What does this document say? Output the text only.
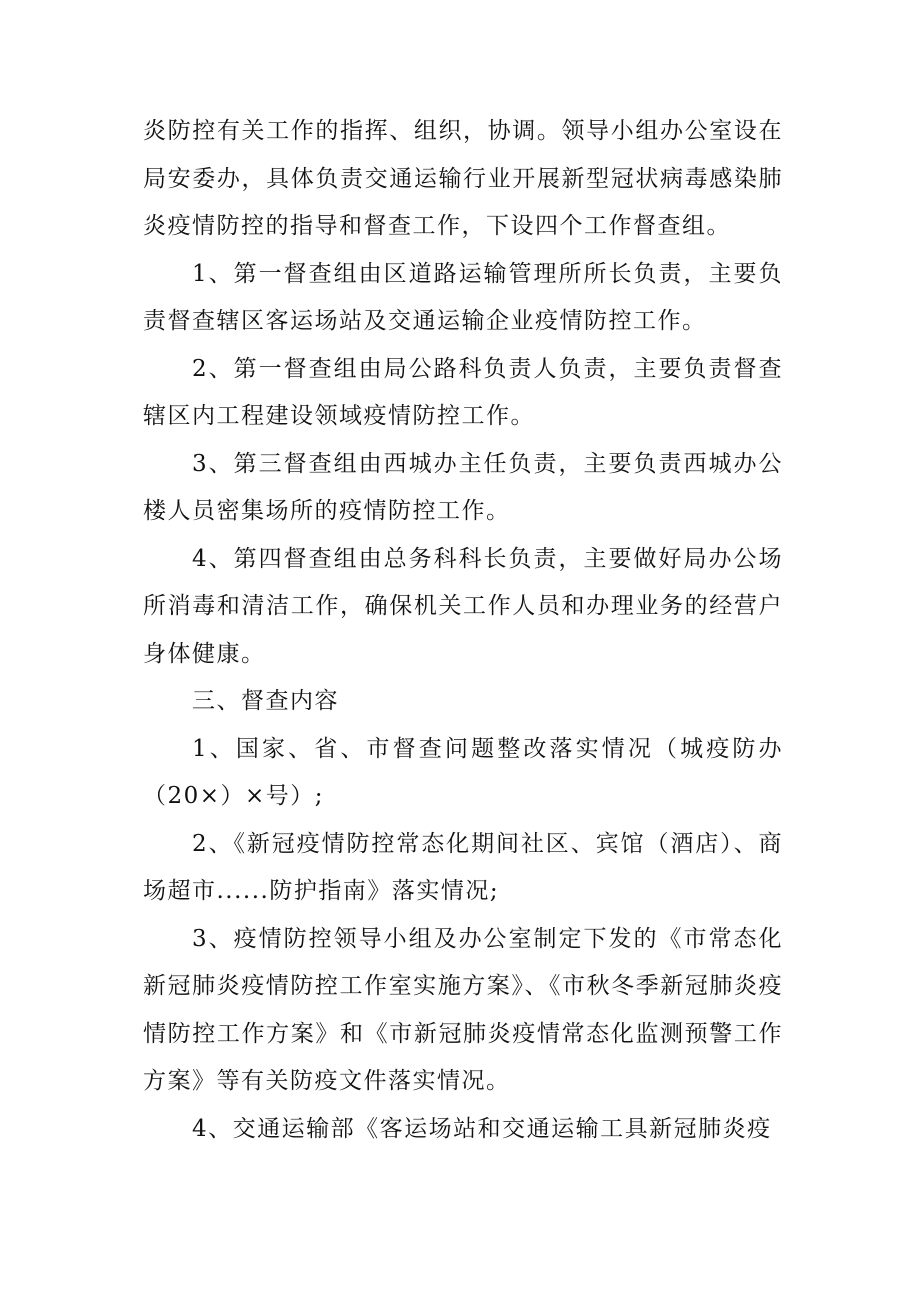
炎防控有关工作的指挥、组织，协调。领导小组办公室设在局安委办，具体负责交通运输行业开展新型冠状病毒感染肺炎疫情防控的指导和督查工作，下设四个工作督查组。

1、第一督查组由区道路运输管理所所长负责，主要负责督查辖区客运场站及交通运输企业疫情防控工作。

2、第一督查组由局公路科负责人负责，主要负责督查辖区内工程建设领域疫情防控工作。

3、第三督查组由西城办主任负责，主要负责西城办公楼人员密集场所的疫情防控工作。

4、第四督查组由总务科科长负责，主要做好局办公场所消毒和清洁工作，确保机关工作人员和办理业务的经营户身体健康。

三、督查内容

1、国家、省、市督查问题整改落实情况（城疫防办（20×）×号）;

2、《新冠疫情防控常态化期间社区、宾馆（酒店）、商场超市......防护指南》落实情况;

3、疫情防控领导小组及办公室制定下发的《市常态化新冠肺炎疫情防控工作室实施方案》、《市秋冬季新冠肺炎疫情防控工作方案》和《市新冠肺炎疫情常态化监测预警工作方案》等有关防疫文件落实情况。

4、交通运输部《客运场站和交通运输工具新冠肺炎疫
